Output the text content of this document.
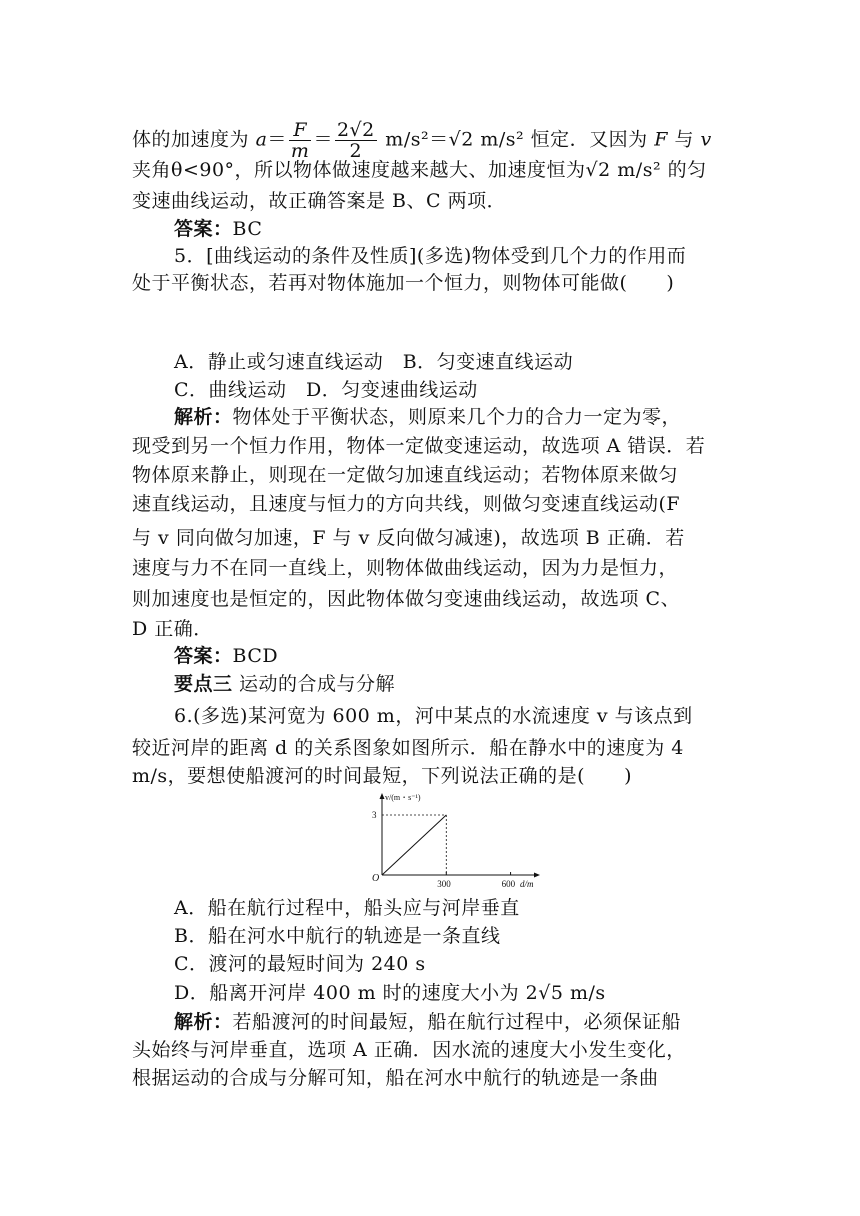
体的加速度为 $a= \frac{F}{m} = \frac{2√2}{2} m/s^2=√2$ m/s² 恒定．又因为 F 与 v
夹角θ<90°，所以物体做速度越来越大、加速度恒为√2 m/s² 的匀
变速曲线运动，故正确答案是 B、C 两项．
答案：BC
5．[曲线运动的条件及性质](多选)物体受到几个力的作用而
处于平衡状态，若再对物体施加一个恒力，则物体可能做(　　)
A．静止或匀速直线运动　B．匀变速直线运动
C．曲线运动　D．匀变速曲线运动
解析：物体处于平衡状态，则原来几个力的合力一定为零，
现受到另一个恒力作用，物体一定做变速运动，故选项 A 错误．若
物体原来静止，则现在一定做匀加速直线运动；若物体原来做匀
速直线运动，且速度与恒力的方向共线，则做匀变速直线运动(F
与 v 同向做匀加速，F 与 v 反向做匀减速)，故选项 B 正确．若
速度与力不在同一直线上，则物体做曲线运动，因为力是恒力，
则加速度也是恒定的，因此物体做匀变速曲线运动，故选项 C、
D 正确．
答案：BCD
要点三 运动的合成与分解
6.(多选)某河宽为 600 m，河中某点的水流速度 v 与该点到
较近河岸的距离 d 的关系图象如图所示．船在静水中的速度为 4
m/s，要想使船渡河的时间最短，下列说法正确的是(　　)
v/(m・s⁻¹)
d/m
O	300	600
3
A．船在航行过程中，船头应与河岸垂直
B．船在河水中航行的轨迹是一条直线
C．渡河的最短时间为 240 s
D．船离开河岸 400 m 时的速度大小为 2√5 m/s
解析：若船渡河的时间最短，船在航行过程中，必须保证船
头始终与河岸垂直，选项 A 正确．因水流的速度大小发生变化，
根据运动的合成与分解可知，船在河水中航行的轨迹是一条曲
